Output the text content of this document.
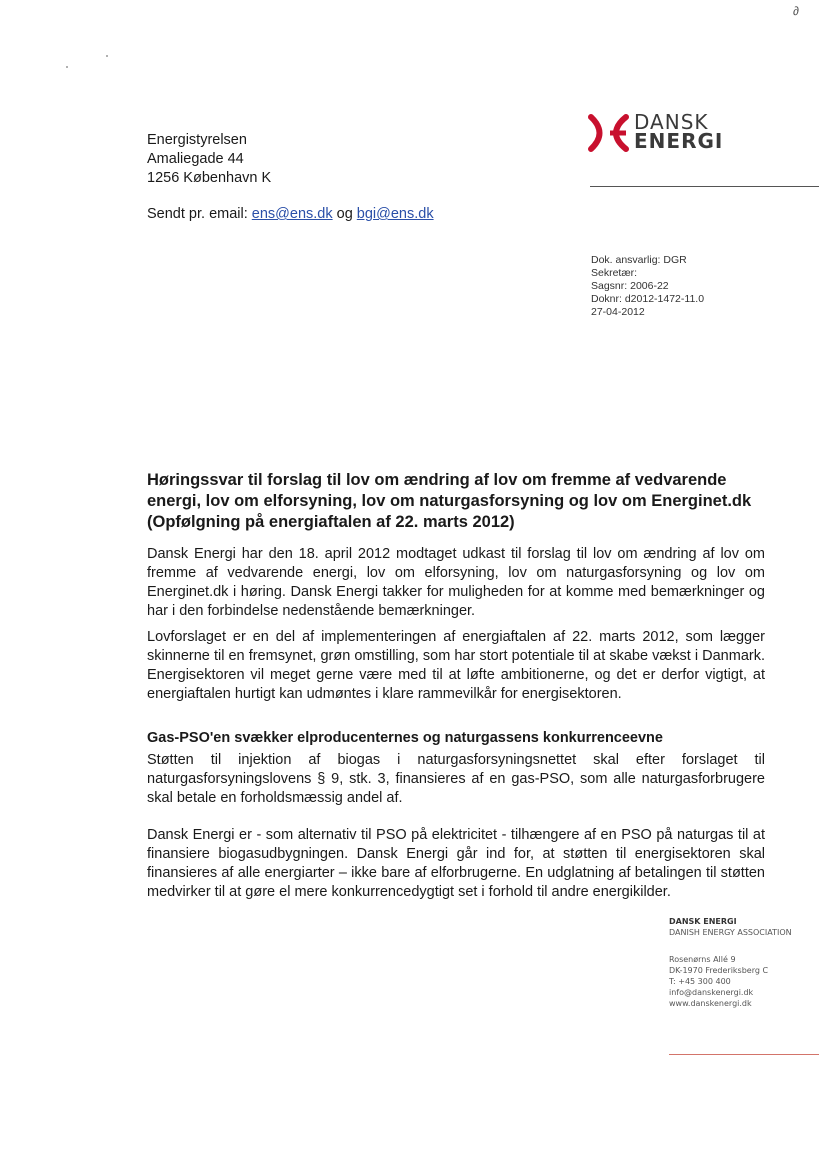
∂
Energistyrelsen
Amaliegade 44
1256 København K
Sendt pr. email: ens@ens.dk og bgi@ens.dk
DANSK
ENERGI
Dok. ansvarlig: DGR
Sekretær:
Sagsnr: 2006-22
Doknr: d2012-1472-11.0
27-04-2012
Høringssvar til forslag til lov om ændring af lov om fremme af vedvarende energi, lov om elforsyning, lov om naturgasforsyning og lov om Energinet.dk (Opfølgning på energiaftalen af 22. marts 2012)
Dansk Energi har den 18. april 2012 modtaget udkast til forslag til lov om ændring af lov om fremme af vedvarende energi, lov om elforsyning, lov om naturgasforsyning og lov om Energinet.dk i høring. Dansk Energi takker for muligheden for at komme med bemærkninger og har i den forbindelse nedenstående bemærkninger.
Lovforslaget er en del af implementeringen af energiaftalen af 22. marts 2012, som lægger skinnerne til en fremsynet, grøn omstilling, som har stort potentiale til at skabe vækst i Danmark. Energisektoren vil meget gerne være med til at løfte ambitionerne, og det er derfor vigtigt, at energiaftalen hurtigt kan udmøntes i klare rammevilkår for energisektoren.
Gas-PSO'en svækker elproducenternes og naturgassens konkurrenceevne
Støtten til injektion af biogas i naturgasforsyningsnettet skal efter forslaget til naturgasforsyningslovens § 9, stk. 3, finansieres af en gas-PSO, som alle naturgasforbrugere skal betale en forholdsmæssig andel af.
Dansk Energi er - som alternativ til PSO på elektricitet - tilhængere af en PSO på naturgas til at finansiere biogasudbygningen. Dansk Energi går ind for, at støtten til energisektoren skal finansieres af alle energiarter – ikke bare af elforbrugerne. En udglatning af betalingen til støtten medvirker til at gøre el mere konkurrencedygtigt set i forhold til andre energikilder.
DANSK ENERGI
DANISH ENERGY ASSOCIATION
Rosenørns Allé 9
DK-1970 Frederiksberg C
T: +45 300 400
info@danskenergi.dk
www.danskenergi.dk
